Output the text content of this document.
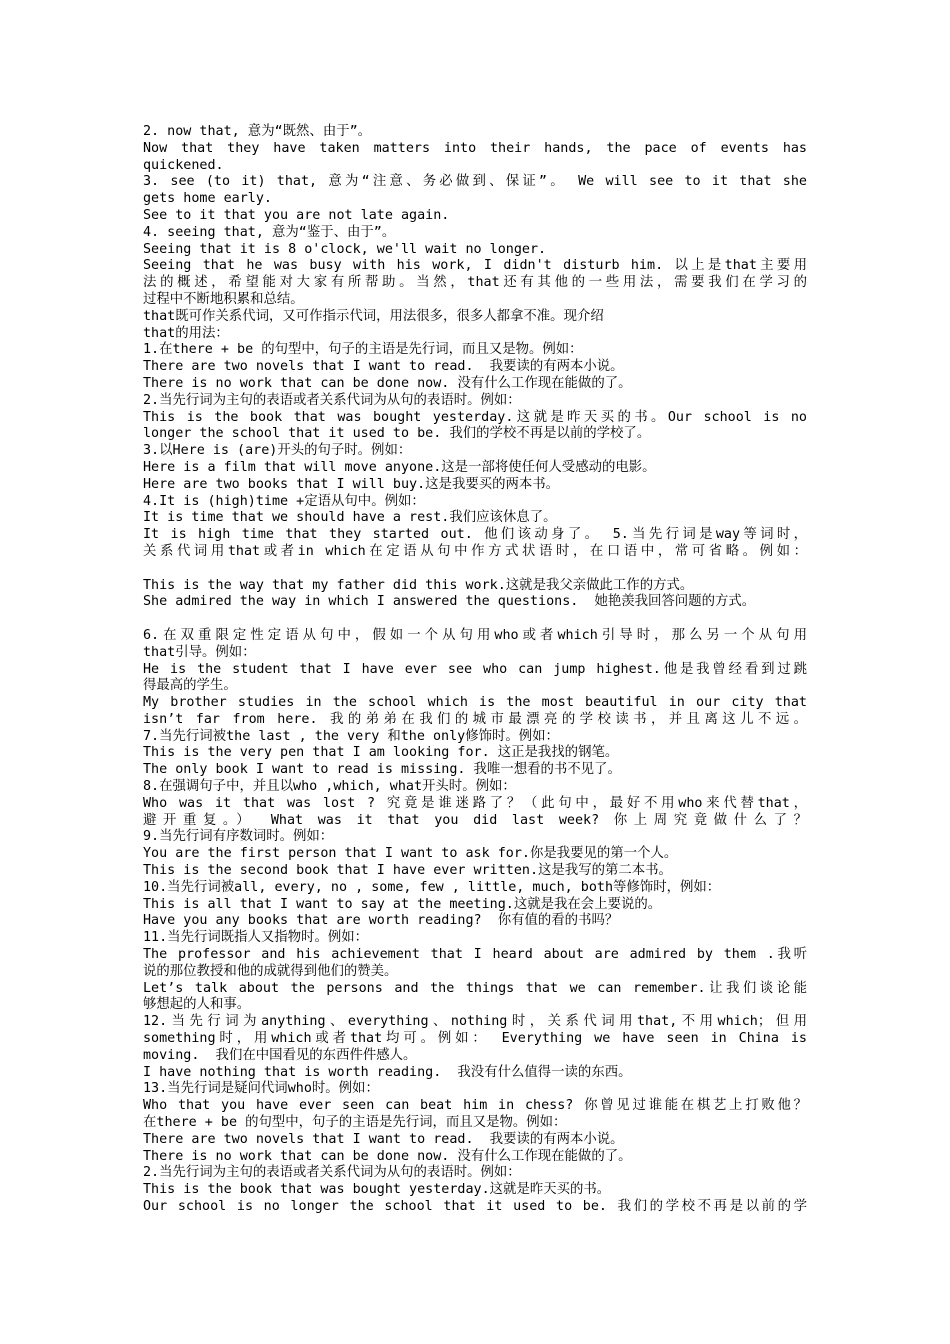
2. now that, 意为“既然、由于”。
Now that they have taken matters into their hands, the pace of events has
quickened.
3. see (to it) that, 意为“注意、务必做到、保证”。 We will see to it that she
gets home early.
See to it that you are not late again.
4. seeing that, 意为“鉴于、由于”。
Seeing that it is 8 o'clock, we'll wait no longer.
Seeing that he was busy with his work, I didn't disturb him. 以上是that主要用
法的概述，希望能对大家有所帮助。当然，that还有其他的一些用法，需要我们在学习的
过程中不断地积累和总结。
that既可作关系代词，又可作指示代词，用法很多，很多人都拿不准。现介绍
that的用法：
1.在there + be 的句型中，句子的主语是先行词，而且又是物。例如：
There are two novels that I want to read.  我要读的有两本小说。
There is no work that can be done now. 没有什么工作现在能做的了。
2.当先行词为主句的表语或者关系代词为从句的表语时。例如：
This is the book that was bought yesterday.这就是昨天买的书。Our school is no
longer the school that it used to be. 我们的学校不再是以前的学校了。
3.以Here is (are)开头的句子时。例如：
Here is a film that will move anyone.这是一部将使任何人受感动的电影。
Here are two books that I will buy.这是我要买的两本书。
4.It is (high)time +定语从句中。例如：
It is time that we should have a rest.我们应该休息了。
It is high time that they started out. 他们该动身了。 5.当先行词是way等词时，
关系代词用that或者in which在定语从句中作方式状语时，在口语中，常可省略。例如：
This is the way that my father did this work.这就是我父亲做此工作的方式。
She admired the way in which I answered the questions.  她艳羡我回答问题的方式。
6.在双重限定性定语从句中，假如一个从句用who或者which引导时，那么另一个从句用
that引导。例如：
He is the student that I have ever see who can jump highest.他是我曾经看到过跳
得最高的学生。
My brother studies in the school which is the most beautiful in our city that
isn’t far from here. 我的弟弟在我们的城市最漂亮的学校读书，并且离这儿不远。
7.当先行词被the last , the very 和the only修饰时。例如：
This is the very pen that I am looking for. 这正是我找的钢笔。
The only book I want to read is missing. 我唯一想看的书不见了。
8.在强调句子中，并且以who ,which, what开头时。例如：
Who was it that was lost ? 究竟是谁迷路了？（此句中，最好不用who来代替that，
避开重复。） What was it that you did last week? 你上周究竟做什么了？
9.当先行词有序数词时。例如：
You are the first person that I want to ask for.你是我要见的第一个人。
This is the second book that I have ever written.这是我写的第二本书。
10.当先行词被all, every, no , some, few , little, much, both等修饰时，例如：
This is all that I want to say at the meeting.这就是我在会上要说的。
Have you any books that are worth reading?  你有值的看的书吗？
11.当先行词既指人又指物时。例如：
The professor and his achievement that I heard about are admired by them .我听
说的那位教授和他的成就得到他们的赞美。
Let’s talk about the persons and the things that we can remember.让我们谈论能
够想起的人和事。
12.当先行词为anything、everything、nothing时，关系代词用that,不用which；但用
something时，用which或者that均可。例如： Everything we have seen in China is
moving.  我们在中国看见的东西件件感人。
I have nothing that is worth reading.  我没有什么值得一读的东西。
13.当先行词是疑问代词who时。例如：
Who that you have ever seen can beat him in chess? 你曾见过谁能在棋艺上打败他？
在there + be 的句型中，句子的主语是先行词，而且又是物。例如：
There are two novels that I want to read.  我要读的有两本小说。
There is no work that can be done now. 没有什么工作现在能做的了。
2.当先行词为主句的表语或者关系代词为从句的表语时。例如：
This is the book that was bought yesterday.这就是昨天买的书。
Our school is no longer the school that it used to be. 我们的学校不再是以前的学
